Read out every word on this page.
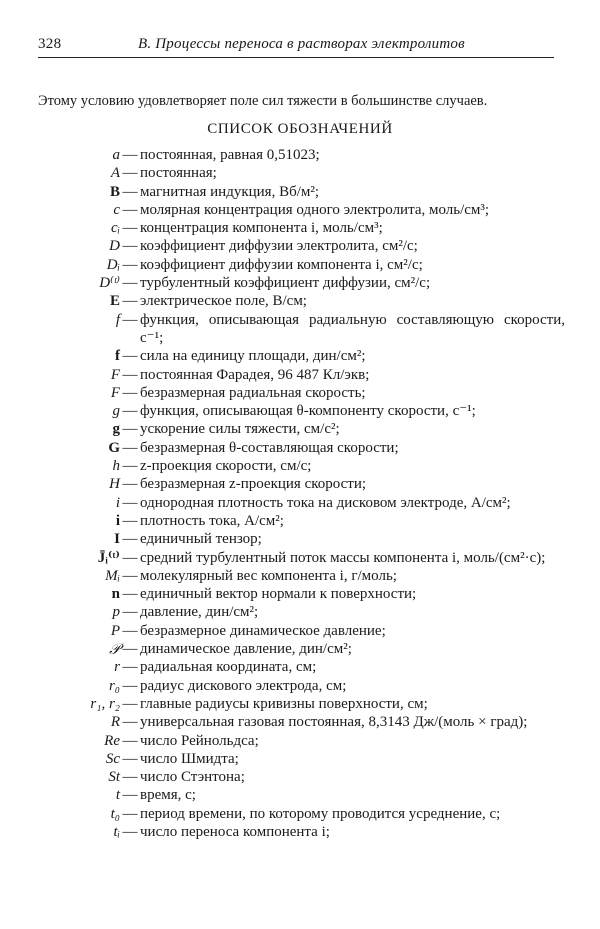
328	В. Процессы переноса в растворах электролитов

Этому условию удовлетворяет поле сил тяжести в большинстве случаев.

СПИСОК ОБОЗНАЧЕНИЙ
a — постоянная, равная 0,51023;
A — постоянная;
B — магнитная индукция, Вб/м²;
c — молярная концентрация одного электролита, моль/см³;
cᵢ — концентрация компонента i, моль/см³;
D — коэффициент диффузии электролита, см²/с;
Dᵢ — коэффициент диффузии компонента i, см²/с;
D⁽ᵗ⁾ — турбулентный коэффициент диффузии, см²/с;
E — электрическое поле, В/см;
f — функция, описывающая радиальную составляющую скорости, с⁻¹;
f — сила на единицу площади, дин/см²;
F — постоянная Фарадея, 96 487 Кл/экв;
F — безразмерная радиальная скорость;
g — функция, описывающая θ-компоненту скорости, с⁻¹;
g — ускорение силы тяжести, см/с²;
G — безразмерная θ-составляющая скорости;
h — z-проекция скорости, см/с;
H — безразмерная z-проекция скорости;
i — однородная плотность тока на дисковом электроде, А/см²;
i — плотность тока, А/см²;
I — единичный тензор;
J̄ᵢ⁽ᵗ⁾ — средний турбулентный поток массы компонента i, моль/(см²·с);
Mᵢ — молекулярный вес компонента i, г/моль;
n — единичный вектор нормали к поверхности;
p — давление, дин/см²;
P — безразмерное динамическое давление;
𝒫 — динамическое давление, дин/см²;
r — радиальная координата, см;
r₀ — радиус дискового электрода, см;
r₁, r₂ — главные радиусы кривизны поверхности, см;
R — универсальная газовая постоянная, 8,3143 Дж/(моль × град);
Re — число Рейнольдса;
Sc — число Шмидта;
St — число Стэнтона;
t — время, с;
t₀ — период времени, по которому проводится усреднение, с;
tᵢ — число переноса компонента i;
